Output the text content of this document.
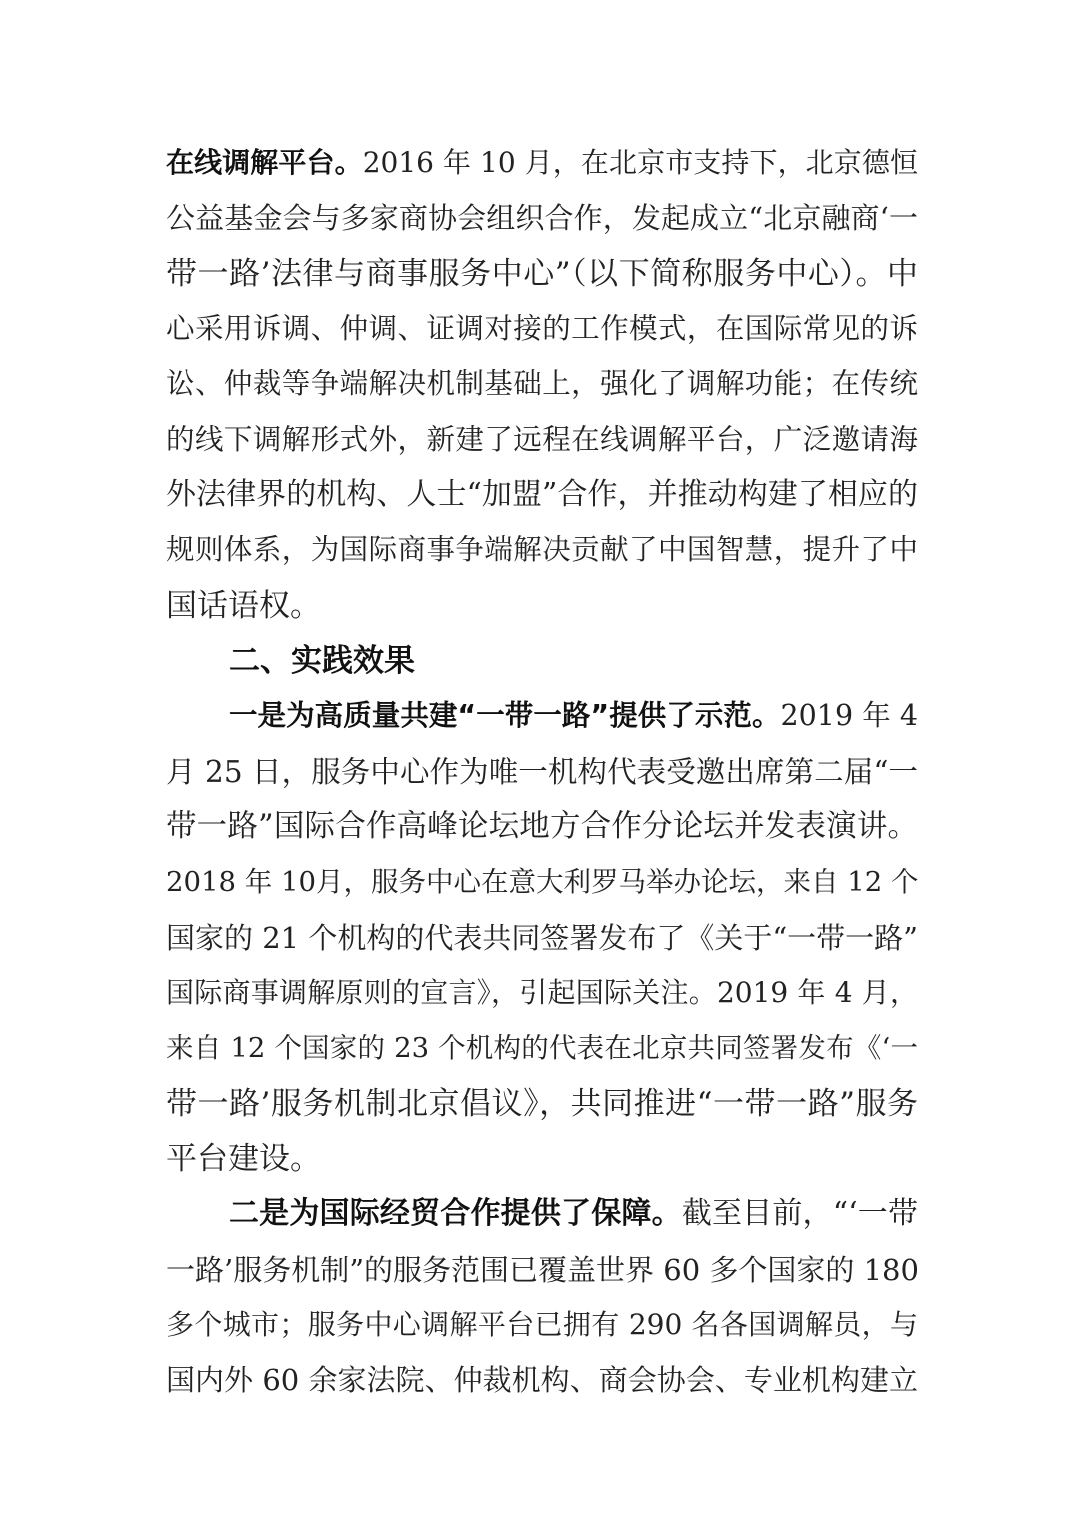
在线调解平台。2016 年 10 月，在北京市支持下，北京德恒
公益基金会与多家商协会组织合作，发起成立“北京融商‘一
带一路’法律与商事服务中心”（以下简称服务中心）。中
心采用诉调、仲调、证调对接的工作模式，在国际常见的诉
讼、仲裁等争端解决机制基础上，强化了调解功能；在传统
的线下调解形式外，新建了远程在线调解平台，广泛邀请海
外法律界的机构、人士“加盟”合作，并推动构建了相应的
规则体系，为国际商事争端解决贡献了中国智慧，提升了中
国话语权。
二、实践效果
一是为高质量共建“一带一路”提供了示范。2019 年 4
月 25 日，服务中心作为唯一机构代表受邀出席第二届“一
带一路”国际合作高峰论坛地方合作分论坛并发表演讲。
2018 年 10月，服务中心在意大利罗马举办论坛，来自 12 个
国家的 21 个机构的代表共同签署发布了《关于“一带一路”
国际商事调解原则的宣言》，引起国际关注。2019 年 4 月，
来自 12 个国家的 23 个机构的代表在北京共同签署发布《‘一
带一路’服务机制北京倡议》，共同推进“一带一路”服务
平台建设。
二是为国际经贸合作提供了保障。截至目前，“‘一带
一路’服务机制”的服务范围已覆盖世界 60 多个国家的 180
多个城市；服务中心调解平台已拥有 290 名各国调解员，与
国内外 60 余家法院、仲裁机构、商会协会、专业机构建立
